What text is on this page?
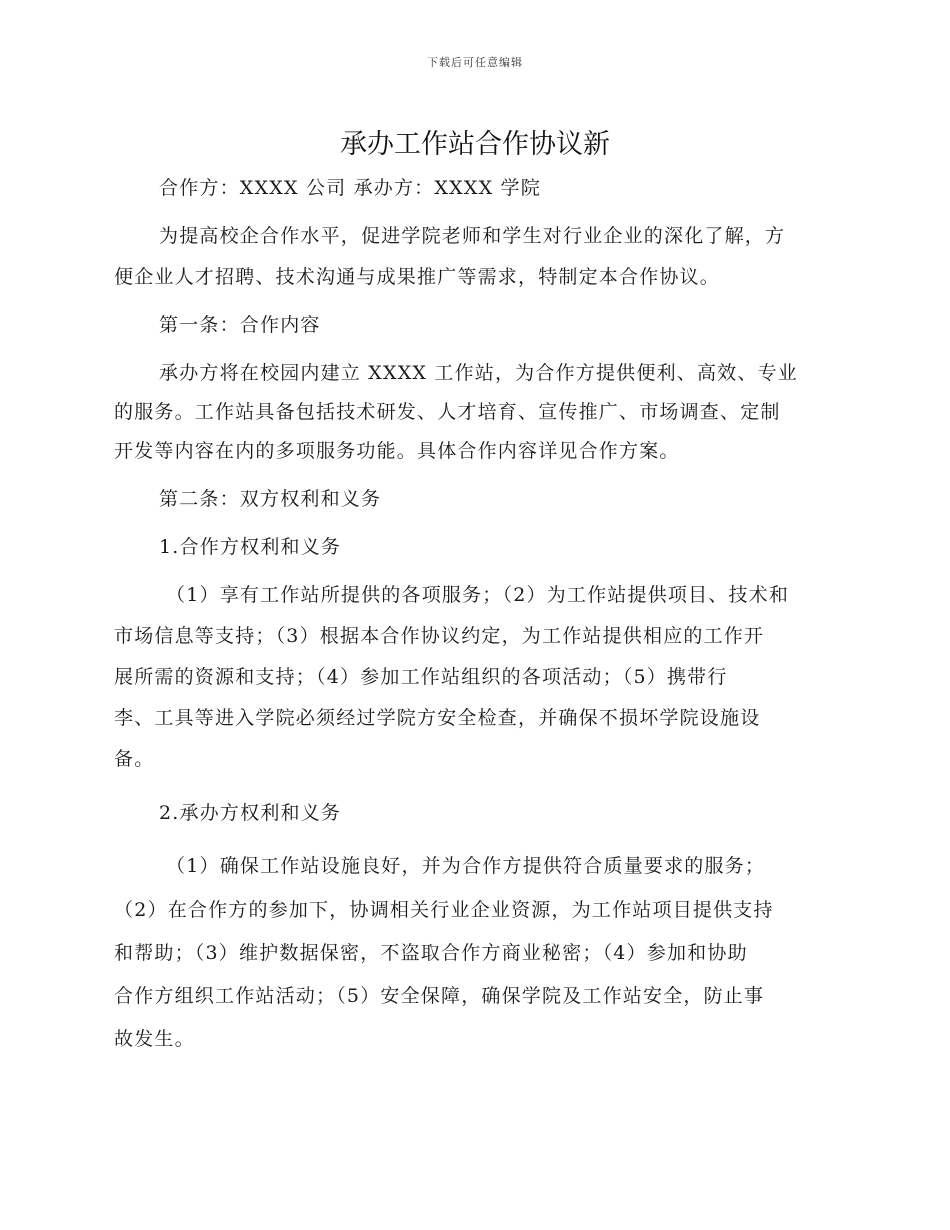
下载后可任意编辑
承办工作站合作协议新
合作方：XXXX 公司 承办方：XXXX 学院
为提高校企合作水平，促进学院老师和学生对行业企业的深化了解，方
便企业人才招聘、技术沟通与成果推广等需求，特制定本合作协议。
第一条：合作内容
承办方将在校园内建立 XXXX 工作站，为合作方提供便利、高效、专业
的服务。工作站具备包括技术研发、人才培育、宣传推广、市场调查、定制
开发等内容在内的多项服务功能。具体合作内容详见合作方案。
第二条：双方权利和义务
1.合作方权利和义务
（1）享有工作站所提供的各项服务；（2）为工作站提供项目、技术和
市场信息等支持；（3）根据本合作协议约定，为工作站提供相应的工作开
展所需的资源和支持；（4）参加工作站组织的各项活动；（5）携带行
李、工具等进入学院必须经过学院方安全检查，并确保不损坏学院设施设
备。
2.承办方权利和义务
（1）确保工作站设施良好，并为合作方提供符合质量要求的服务；
（2）在合作方的参加下，协调相关行业企业资源，为工作站项目提供支持
和帮助；（3）维护数据保密，不盗取合作方商业秘密；（4）参加和协助
合作方组织工作站活动；（5）安全保障，确保学院及工作站安全，防止事
故发生。
